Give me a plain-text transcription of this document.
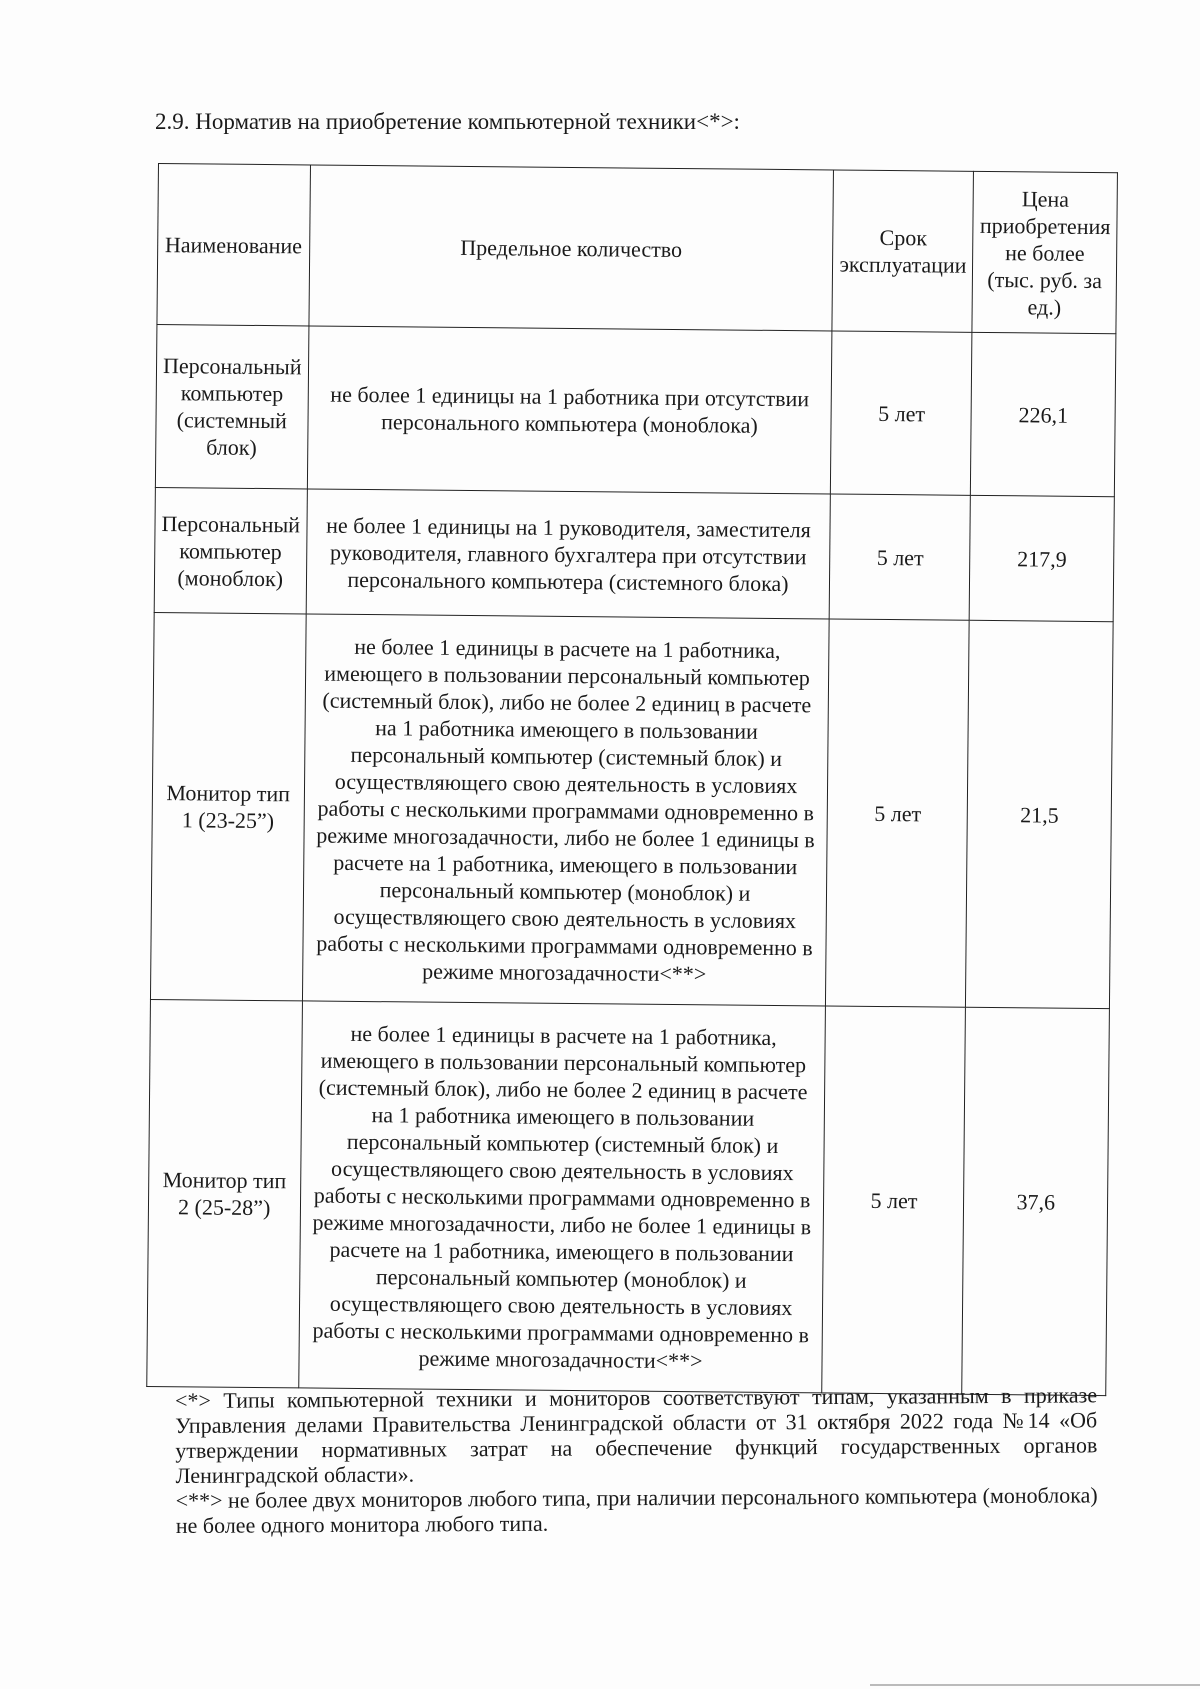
2.9. Норматив на приобретение компьютерной техники<*>:
Наименование	Предельное количество	Срок эксплуатации	Цена приобретения не более (тыс. руб. за ед.)
Персональный компьютер (системный блок)	не более 1 единицы на 1 работника при отсутствии персонального компьютера (моноблока)	5 лет	226,1
Персональный компьютер (моноблок)	не более 1 единицы на 1 руководителя, заместителя руководителя, главного бухгалтера при отсутствии персонального компьютера (системного блока)	5 лет	217,9
Монитор тип 1 (23-25”)	не более 1 единицы в расчете на 1 работника, имеющего в пользовании персональный компьютер (системный блок), либо не более 2 единиц в расчете на 1 работника имеющего в пользовании персональный компьютер (системный блок) и осуществляющего свою деятельность в условиях работы с несколькими программами одновременно в режиме многозадачности, либо не более 1 единицы в расчете на 1 работника, имеющего в пользовании персональный компьютер (моноблок) и осуществляющего свою деятельность в условиях работы с несколькими программами одновременно в режиме многозадачности<**>	5 лет	21,5
Монитор тип 2 (25-28”)	не более 1 единицы в расчете на 1 работника, имеющего в пользовании персональный компьютер (системный блок), либо не более 2 единиц в расчете на 1 работника имеющего в пользовании персональный компьютер (системный блок) и осуществляющего свою деятельность в условиях работы с несколькими программами одновременно в режиме многозадачности, либо не более 1 единицы в расчете на 1 работника, имеющего в пользовании персональный компьютер (моноблок) и осуществляющего свою деятельность в условиях работы с несколькими программами одновременно в режиме многозадачности<**>	5 лет	37,6

<*> Типы компьютерной техники и мониторов соответствуют типам, указанным в приказе Управления делами Правительства Ленинградской области от 31 октября 2022 года №14 «Об утверждении нормативных затрат на обеспечение функций государственных органов Ленинградской области».

<**> не более двух мониторов любого типа, при наличии персонального компьютера (моноблока) не более одного монитора любого типа.
